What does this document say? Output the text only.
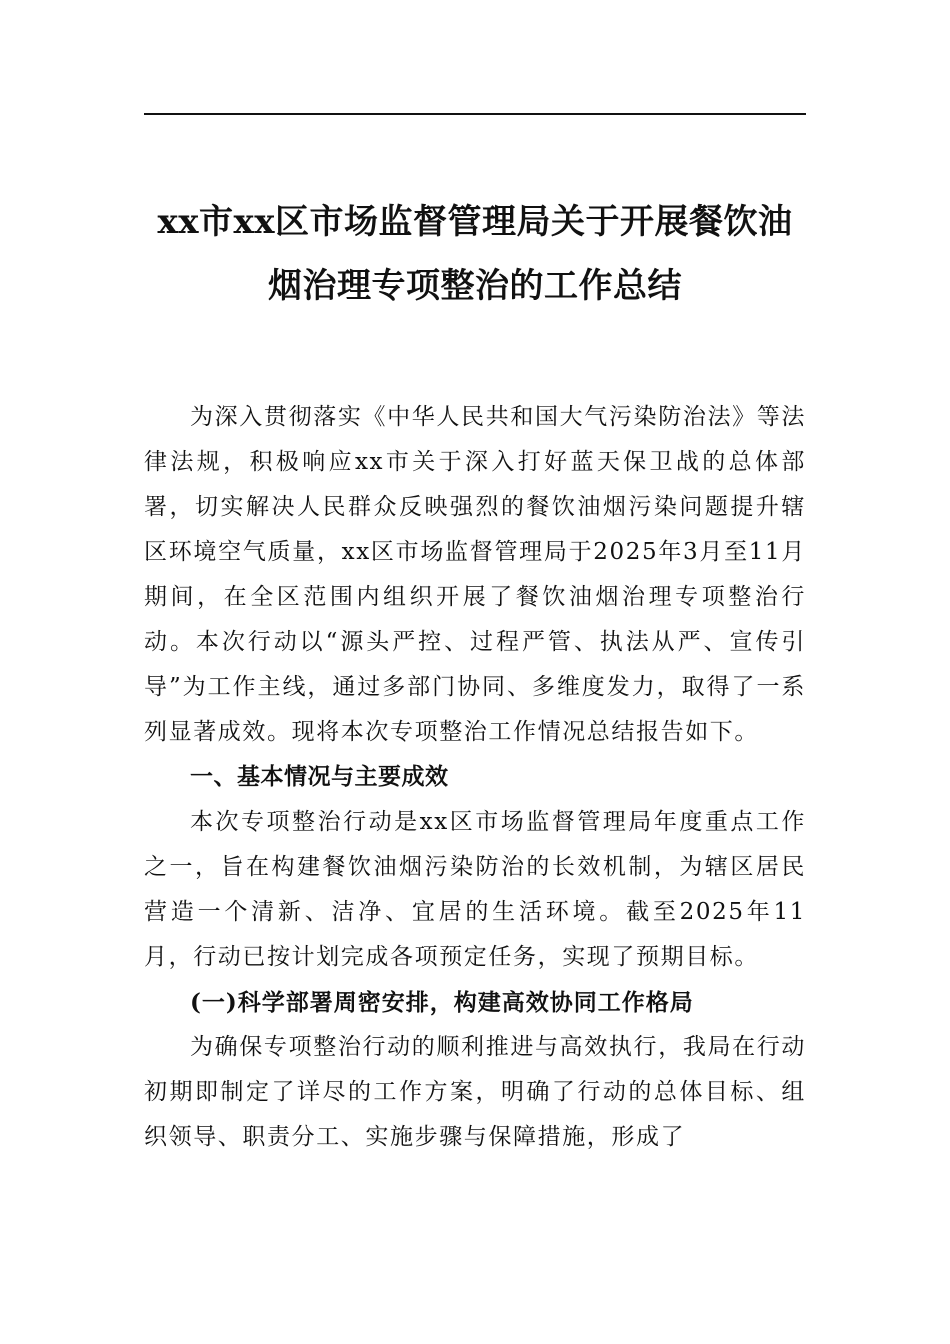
xx市xx区市场监督管理局关于开展餐饮油
烟治理专项整治的工作总结

为深入贯彻落实《中华人民共和国大气污染防治法》等法律法规，积极响应xx市关于深入打好蓝天保卫战的总体部署，切实解决人民群众反映强烈的餐饮油烟污染问题提升辖区环境空气质量，xx区市场监督管理局于2025年3月至11月期间，在全区范围内组织开展了餐饮油烟治理专项整治行动。本次行动以“源头严控、过程严管、执法从严、宣传引导”为工作主线，通过多部门协同、多维度发力，取得了一系列显著成效。现将本次专项整治工作情况总结报告如下。

一、基本情况与主要成效

本次专项整治行动是xx区市场监督管理局年度重点工作之一，旨在构建餐饮油烟污染防治的长效机制，为辖区居民营造一个清新、洁净、宜居的生活环境。截至2025年11月，行动已按计划完成各项预定任务，实现了预期目标。

(一)科学部署周密安排，构建高效协同工作格局

为确保专项整治行动的顺利推进与高效执行，我局在行动初期即制定了详尽的工作方案，明确了行动的总体目标、组织领导、职责分工、实施步骤与保障措施，形成了
